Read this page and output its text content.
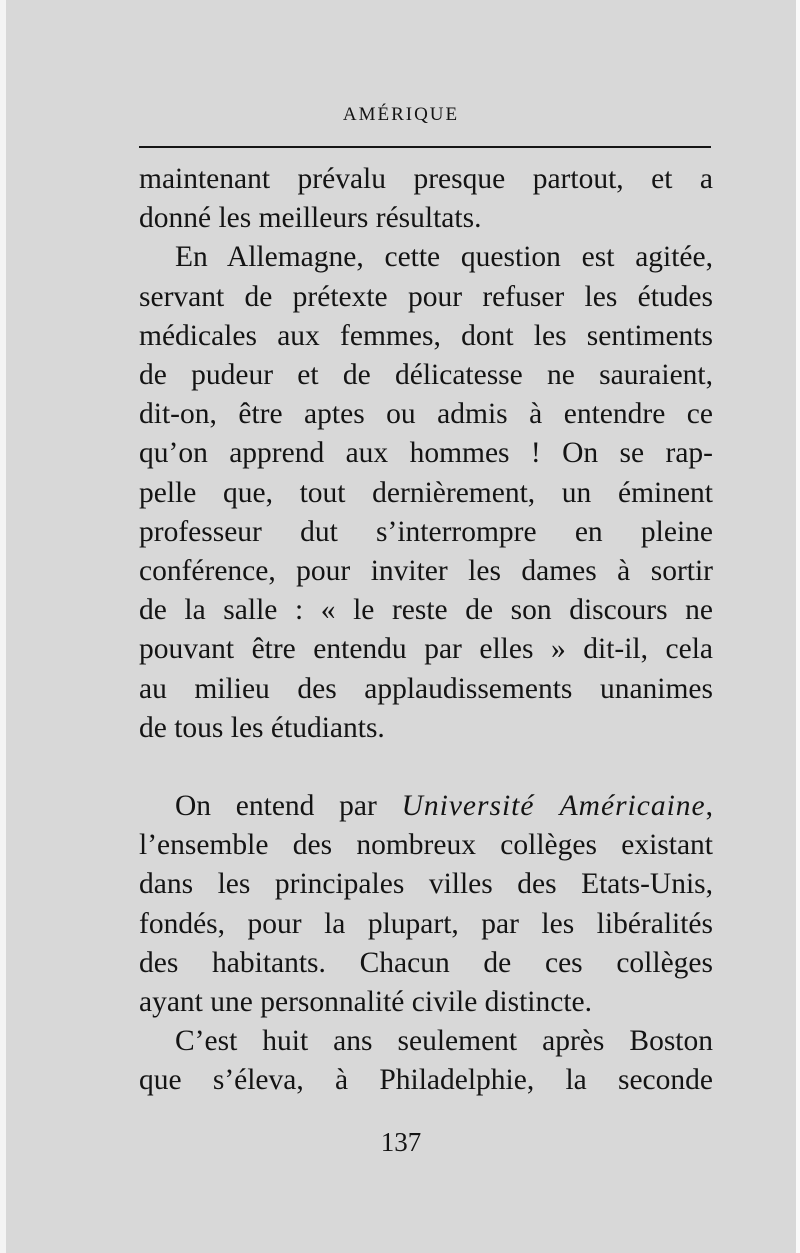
AMÉRIQUE
maintenant prévalu presque partout, et a
donné les meilleurs résultats.
En Allemagne, cette question est agitée,
servant de prétexte pour refuser les études
médicales aux femmes, dont les sentiments
de pudeur et de délicatesse ne sauraient,
dit-on, être aptes ou admis à entendre ce
qu’on apprend aux hommes ! On se rap-
pelle que, tout dernièrement, un éminent
professeur dut s’interrompre en pleine
conférence, pour inviter les dames à sortir
de la salle : « le reste de son discours ne
pouvant être entendu par elles » dit-il, cela
au milieu des applaudissements unanimes
de tous les étudiants.
On entend par Université Américaine,
l’ensemble des nombreux collèges existant
dans les principales villes des Etats-Unis,
fondés, pour la plupart, par les libéralités
des habitants. Chacun de ces collèges
ayant une personnalité civile distincte.
C’est huit ans seulement après Boston
que s’éleva, à Philadelphie, la seconde
137
